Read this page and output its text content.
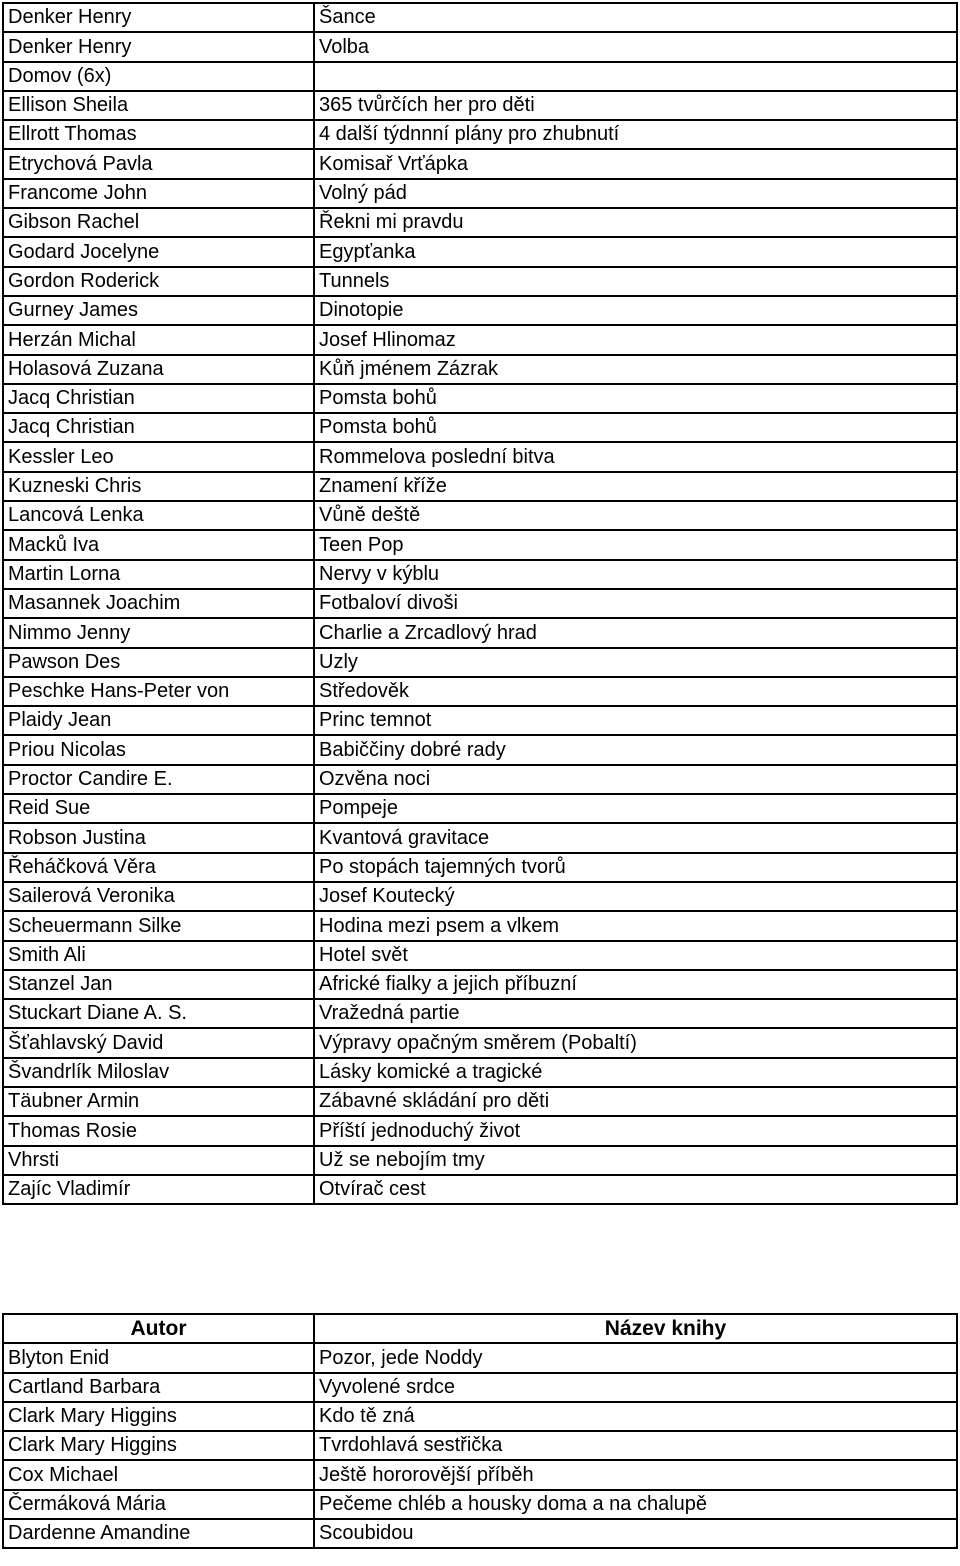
Denker Henry	Šance
Denker Henry	Volba
Domov (6x)	
Ellison Sheila	365 tvůrčích her pro děti
Ellrott Thomas	4 další týdnnní plány pro zhubnutí
Etrychová Pavla	Komisař Vrťápka
Francome John	Volný pád
Gibson Rachel	Řekni mi pravdu
Godard Jocelyne	Egypťanka
Gordon Roderick	Tunnels
Gurney James	Dinotopie
Herzán Michal	Josef Hlinomaz
Holasová Zuzana	Kůň jménem Zázrak
Jacq Christian	Pomsta bohů
Jacq Christian	Pomsta bohů
Kessler Leo	Rommelova poslední bitva
Kuzneski Chris	Znamení kříže
Lancová Lenka	Vůně deště
Macků Iva	Teen Pop
Martin Lorna	Nervy v kýblu
Masannek Joachim	Fotbaloví divoši
Nimmo Jenny	Charlie a Zrcadlový hrad
Pawson Des	Uzly
Peschke Hans-Peter von	Středověk
Plaidy Jean	Princ temnot
Priou Nicolas	Babiččiny dobré rady
Proctor Candire E.	Ozvěna noci
Reid Sue	Pompeje
Robson Justina	Kvantová gravitace
Řeháčková Věra	Po stopách tajemných tvorů
Sailerová Veronika	Josef Koutecký
Scheuermann Silke	Hodina mezi psem a vlkem
Smith Ali	Hotel svět
Stanzel Jan	Africké fialky a jejich příbuzní
Stuckart Diane A. S.	Vražedná partie
Šťahlavský David	Výpravy opačným směrem (Pobaltí)
Švandrlík Miloslav	Lásky komické a tragické
Täubner Armin	Zábavné skládání pro děti
Thomas Rosie	Příští jednoduchý život
Vhrsti	Už se nebojím tmy
Zajíc Vladimír	Otvírač cest
Autor	Název knihy
Blyton Enid	Pozor, jede Noddy
Cartland Barbara	Vyvolené srdce
Clark Mary Higgins	Kdo tě zná
Clark Mary Higgins	Tvrdohlavá sestřička
Cox Michael	Ještě hororovější příběh
Čermáková Mária	Pečeme chléb a housky doma a na chalupě
Dardenne Amandine	Scoubidou
